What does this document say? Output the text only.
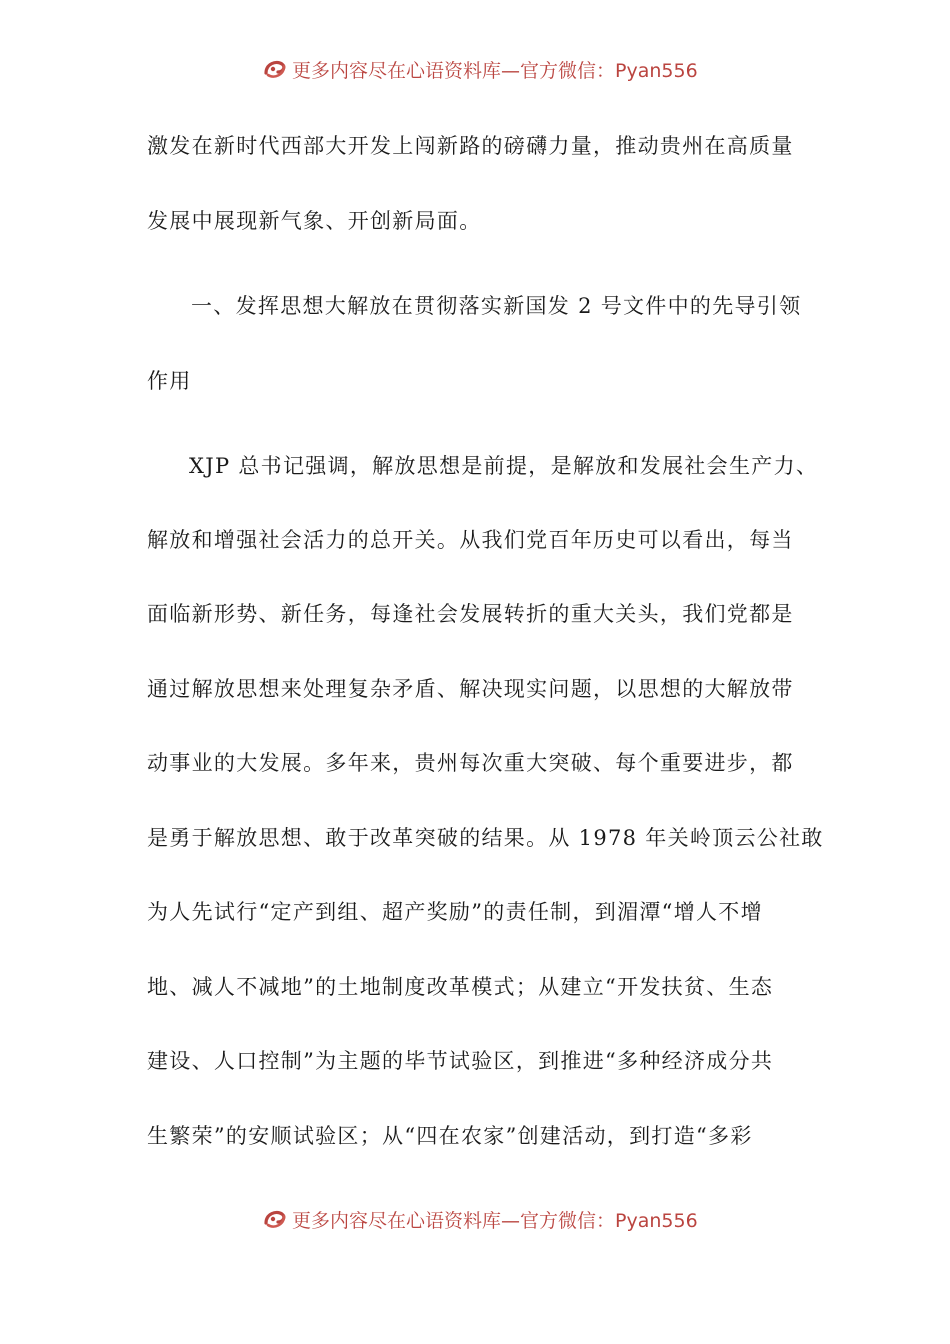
更多内容尽在心语资料库—官方微信：Pyan556
激发在新时代西部大开发上闯新路的磅礴力量，推动贵州在高质量
发展中展现新气象、开创新局面。
一、发挥思想大解放在贯彻落实新国发 2 号文件中的先导引领
作用
XJP 总书记强调，解放思想是前提，是解放和发展社会生产力、
解放和增强社会活力的总开关。从我们党百年历史可以看出，每当
面临新形势、新任务，每逢社会发展转折的重大关头，我们党都是
通过解放思想来处理复杂矛盾、解决现实问题，以思想的大解放带
动事业的大发展。多年来，贵州每次重大突破、每个重要进步，都
是勇于解放思想、敢于改革突破的结果。从 1978 年关岭顶云公社敢
为人先试行“定产到组、超产奖励”的责任制，到湄潭“增人不增
地、减人不减地”的土地制度改革模式；从建立“开发扶贫、生态
建设、人口控制”为主题的毕节试验区，到推进“多种经济成分共
生繁荣”的安顺试验区；从“四在农家”创建活动，到打造“多彩
更多内容尽在心语资料库—官方微信：Pyan556
